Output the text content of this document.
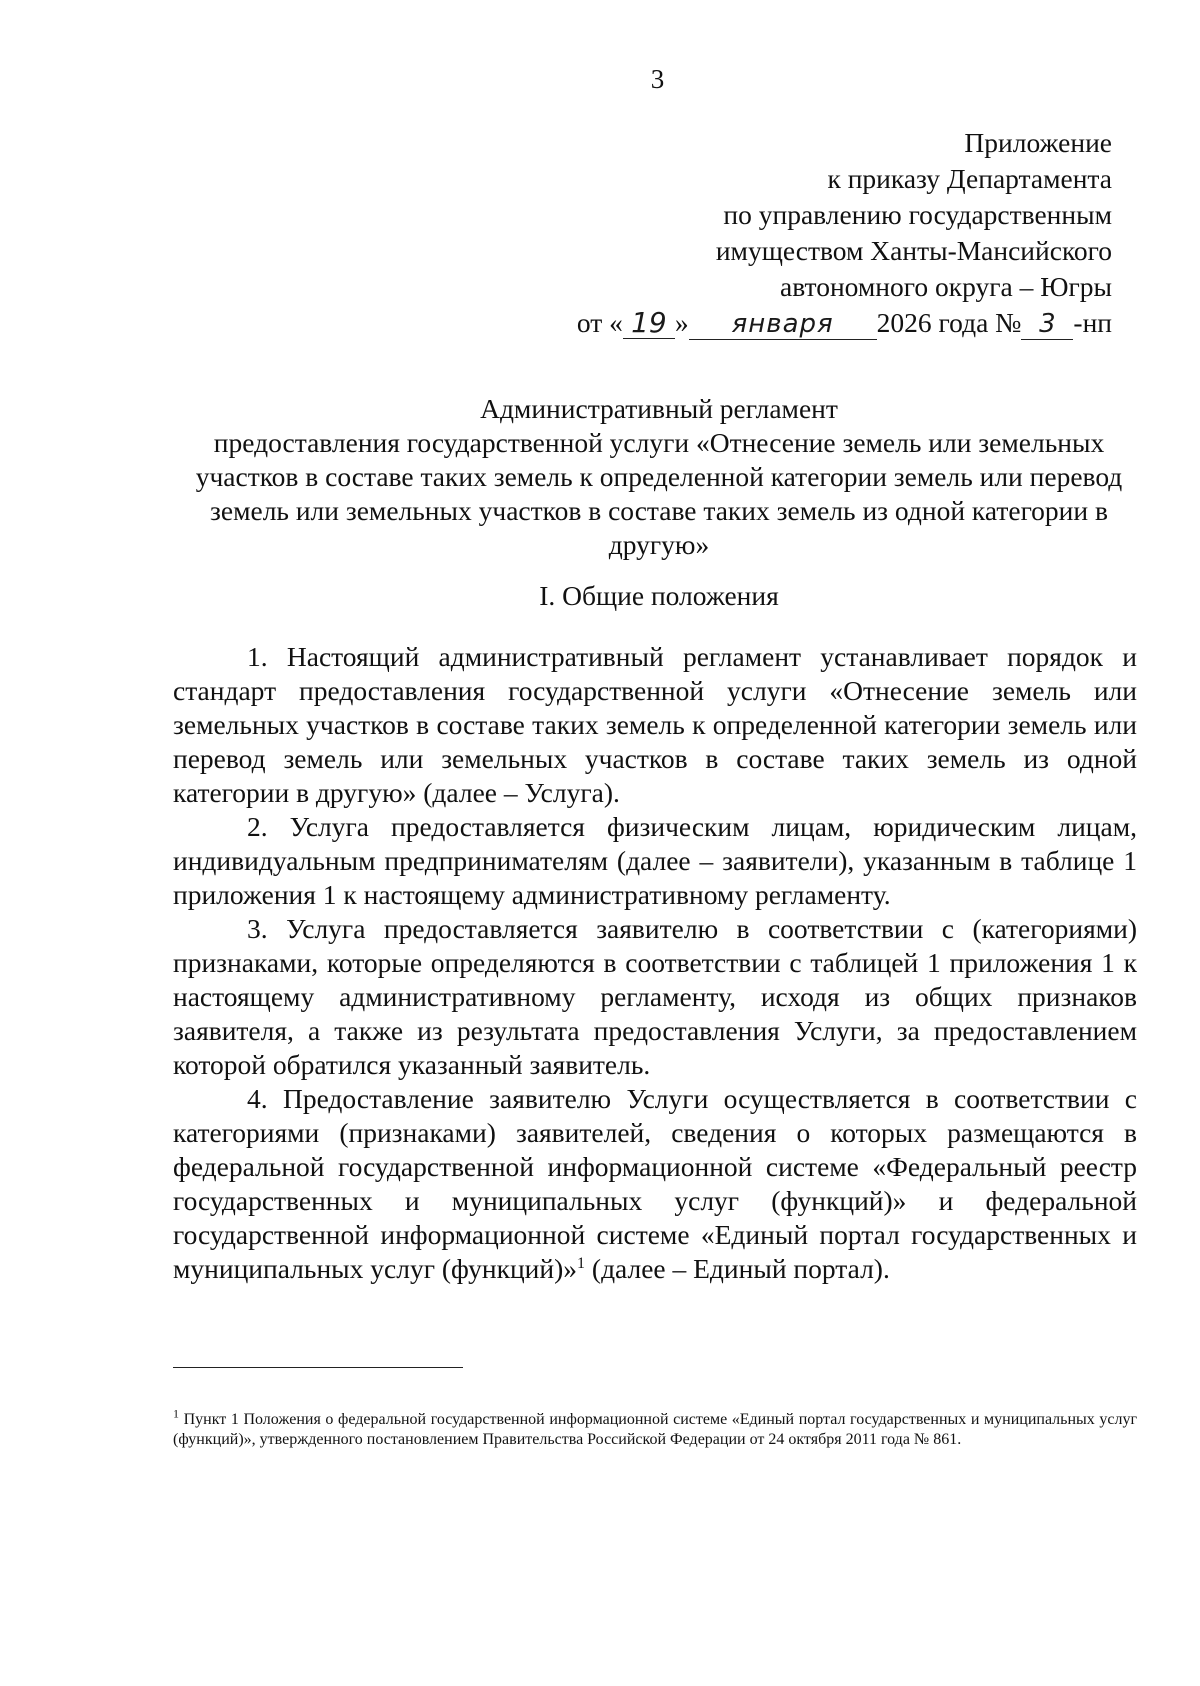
3
Приложение
к приказу Департамента
по управлению государственным
имуществом Ханты-Мансийского
автономного округа – Югры
от « 19 » января 2026 года № 3 -нп
Административный регламент
предоставления государственной услуги «Отнесение земель или земельных участков в составе таких земель к определенной категории земель или перевод земель или земельных участков в составе таких земель из одной категории в другую»
I. Общие положения

1. Настоящий административный регламент устанавливает порядок и стандарт предоставления государственной услуги «Отнесение земель или земельных участков в составе таких земель к определенной категории земель или перевод земель или земельных участков в составе таких земель из одной категории в другую» (далее – Услуга).

2. Услуга предоставляется физическим лицам, юридическим лицам, индивидуальным предпринимателям (далее – заявители), указанным в таблице 1 приложения 1 к настоящему административному регламенту.

3. Услуга предоставляется заявителю в соответствии с (категориями) признаками, которые определяются в соответствии с таблицей 1 приложения 1 к настоящему административному регламенту, исходя из общих признаков заявителя, а также из результата предоставления Услуги, за предоставлением которой обратился указанный заявитель.

4. Предоставление заявителю Услуги осуществляется в соответствии с категориями (признаками) заявителей, сведения о которых размещаются в федеральной государственной информационной системе «Федеральный реестр государственных и муниципальных услуг (функций)» и федеральной государственной информационной системе «Единый портал государственных и муниципальных услуг (функций)»$^1$ (далее – Единый портал).

$^1$ Пункт 1 Положения о федеральной государственной информационной системе «Единый портал государственных и муниципальных услуг (функций)», утвержденного постановлением Правительства Российской Федерации от 24 октября 2011 года № 861.
